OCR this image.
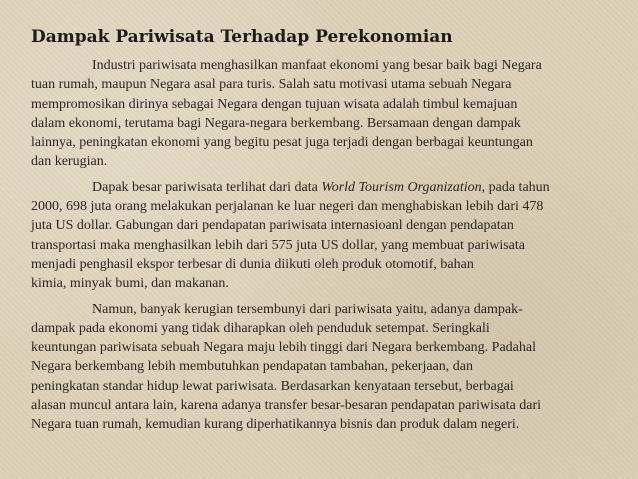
Dampak Pariwisata Terhadap Perekonomian

Industri pariwisata menghasilkan manfaat ekonomi yang besar baik bagi Negara
tuan rumah, maupun Negara asal para turis. Salah satu motivasi utama sebuah Negara
mempromosikan dirinya sebagai Negara dengan tujuan wisata adalah timbul kemajuan
dalam ekonomi, terutama bagi Negara-negara berkembang. Bersamaan dengan dampak
lainnya, peningkatan ekonomi yang begitu pesat juga terjadi dengan berbagai keuntungan
dan kerugian.

Dapak besar pariwisata terlihat dari data World Tourism Organization, pada tahun
2000, 698 juta orang melakukan perjalanan ke luar negeri dan menghabiskan lebih dari 478
juta US dollar. Gabungan dari pendapatan pariwisata internasioanl dengan pendapatan
transportasi maka menghasilkan lebih dari 575 juta US dollar, yang membuat pariwisata
menjadi penghasil ekspor terbesar di dunia diikuti oleh produk otomotif, bahan
kimia, minyak bumi, dan makanan.

Namun, banyak kerugian tersembunyi dari pariwisata yaitu, adanya dampak-
dampak pada ekonomi yang tidak diharapkan oleh penduduk setempat. Seringkali
keuntungan pariwisata sebuah Negara maju lebih tinggi dari Negara berkembang. Padahal
Negara berkembang lebih membutuhkan pendapatan tambahan, pekerjaan, dan
peningkatan standar hidup lewat pariwisata. Berdasarkan kenyataan tersebut, berbagai
alasan muncul antara lain, karena adanya transfer besar-besaran pendapatan pariwisata dari
Negara tuan rumah, kemudian kurang diperhatikannya bisnis dan produk dalam negeri.
